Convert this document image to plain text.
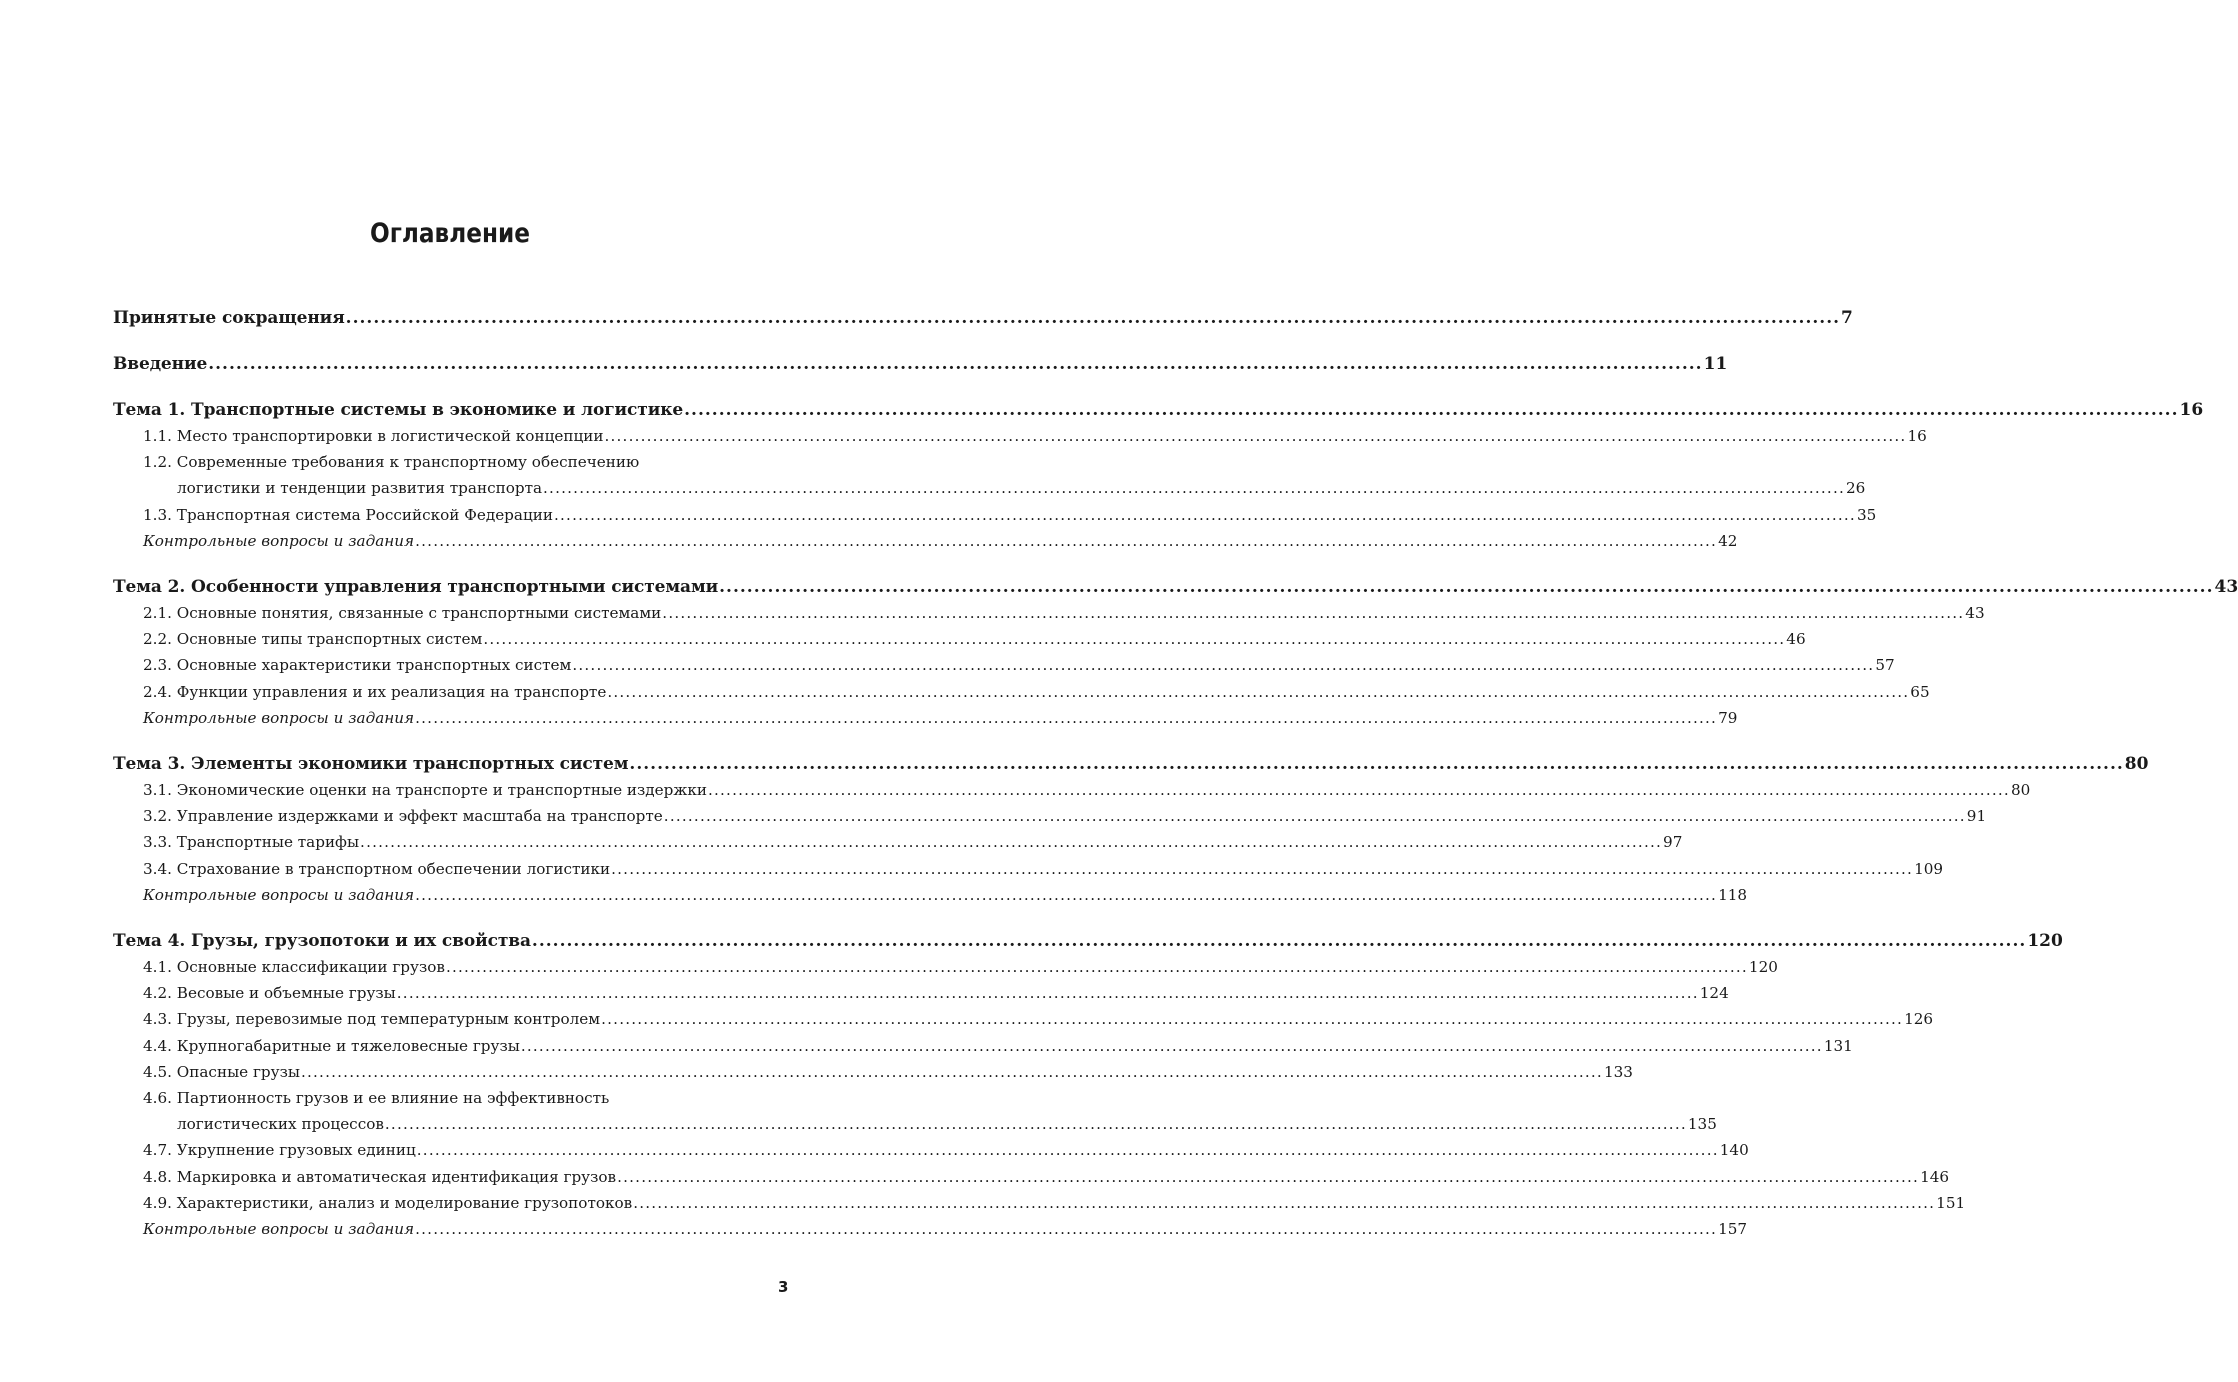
Оглавление
Принятые сокращения .....	7
Введение .....	11
Тема 1. Транспортные системы в экономике и логистике .....	16
1.1. Место транспортировки в логистической концепции .....	16
1.2. Современные требования к транспортному обеспечению
логистики и тенденции развития транспорта .....	26
1.3. Транспортная система Российской Федерации .....	35
Контрольные вопросы и задания .....	42
Тема 2. Особенности управления транспортными системами .....	43
2.1. Основные понятия, связанные с транспортными системами .....	43
2.2. Основные типы транспортных систем .....	46
2.3. Основные характеристики транспортных систем .....	57
2.4. Функции управления и их реализация на транспорте .....	65
Контрольные вопросы и задания .....	79
Тема 3. Элементы экономики транспортных систем .....	80
3.1. Экономические оценки на транспорте и транспортные издержки .....	80
3.2. Управление издержками и эффект масштаба на транспорте .....	91
3.3. Транспортные тарифы .....	97
3.4. Страхование в транспортном обеспечении логистики .....	109
Контрольные вопросы и задания .....	118
Тема 4. Грузы, грузопотоки и их свойства .....	120
4.1. Основные классификации грузов .....	120
4.2. Весовые и объемные грузы .....	124
4.3. Грузы, перевозимые под температурным контролем .....	126
4.4. Крупногабаритные и тяжеловесные грузы .....	131
4.5. Опасные грузы .....	133
4.6. Партионность грузов и ее влияние на эффективность
логистических процессов .....	135
4.7. Укрупнение грузовых единиц .....	140
4.8. Маркировка и автоматическая идентификация грузов .....	146
4.9. Характеристики, анализ и моделирование грузопотоков .....	151
Контрольные вопросы и задания .....	157
3
